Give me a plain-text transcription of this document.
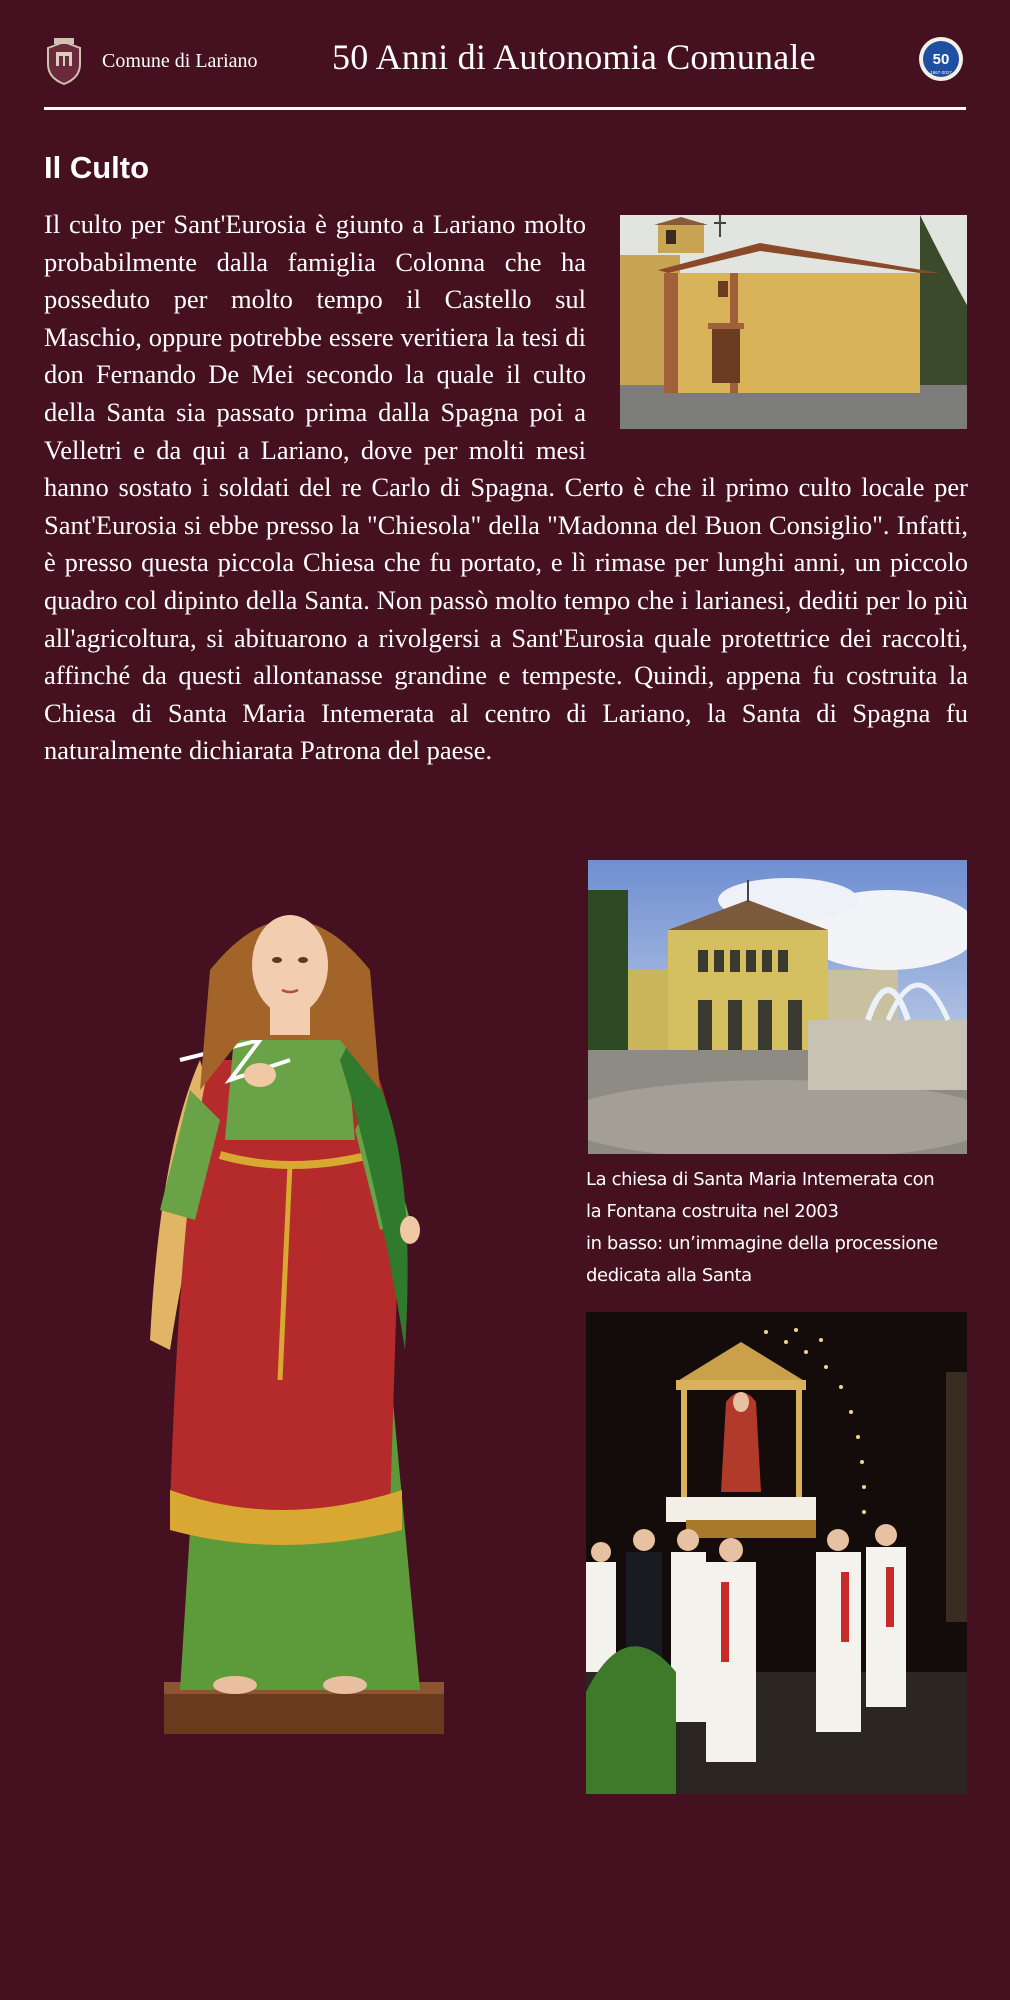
Comune di Lariano 50 Anni di Autonomia Comunale	50
1967-2017
Il Culto
Il culto per Sant'Eurosia è giunto a Lariano molto probabilmente dalla famiglia Colonna che ha posseduto per molto tempo il Castello sul Maschio, oppure potrebbe essere veritiera la tesi di don Fernando De Mei secondo la quale il culto della Santa sia passato prima dalla Spagna poi a Velletri e da qui a Lariano, dove per molti mesi hanno sostato i soldati del re Carlo di Spagna. Certo è che il primo culto locale per Sant'Eurosia si ebbe presso la "Chiesola" della "Madonna del Buon Consiglio". Infatti, è presso questa piccola Chiesa che fu portato, e lì rimase per lunghi anni, un piccolo quadro col dipinto della Santa. Non passò molto tempo che i larianesi, dediti per lo più all'agricoltura, si abituarono a rivolgersi a Sant'Eurosia quale protettrice dei raccolti, affinché da questi allontanasse grandine e tempeste. Quindi, appena fu costruita la Chiesa di Santa Maria Intemerata al centro di Lariano, la Santa di Spagna fu naturalmente dichiarata Patrona del paese.
La chiesa di Santa Maria Intemerata con
la Fontana costruita nel 2003
in basso: un’immagine della processione
dedicata alla Santa
